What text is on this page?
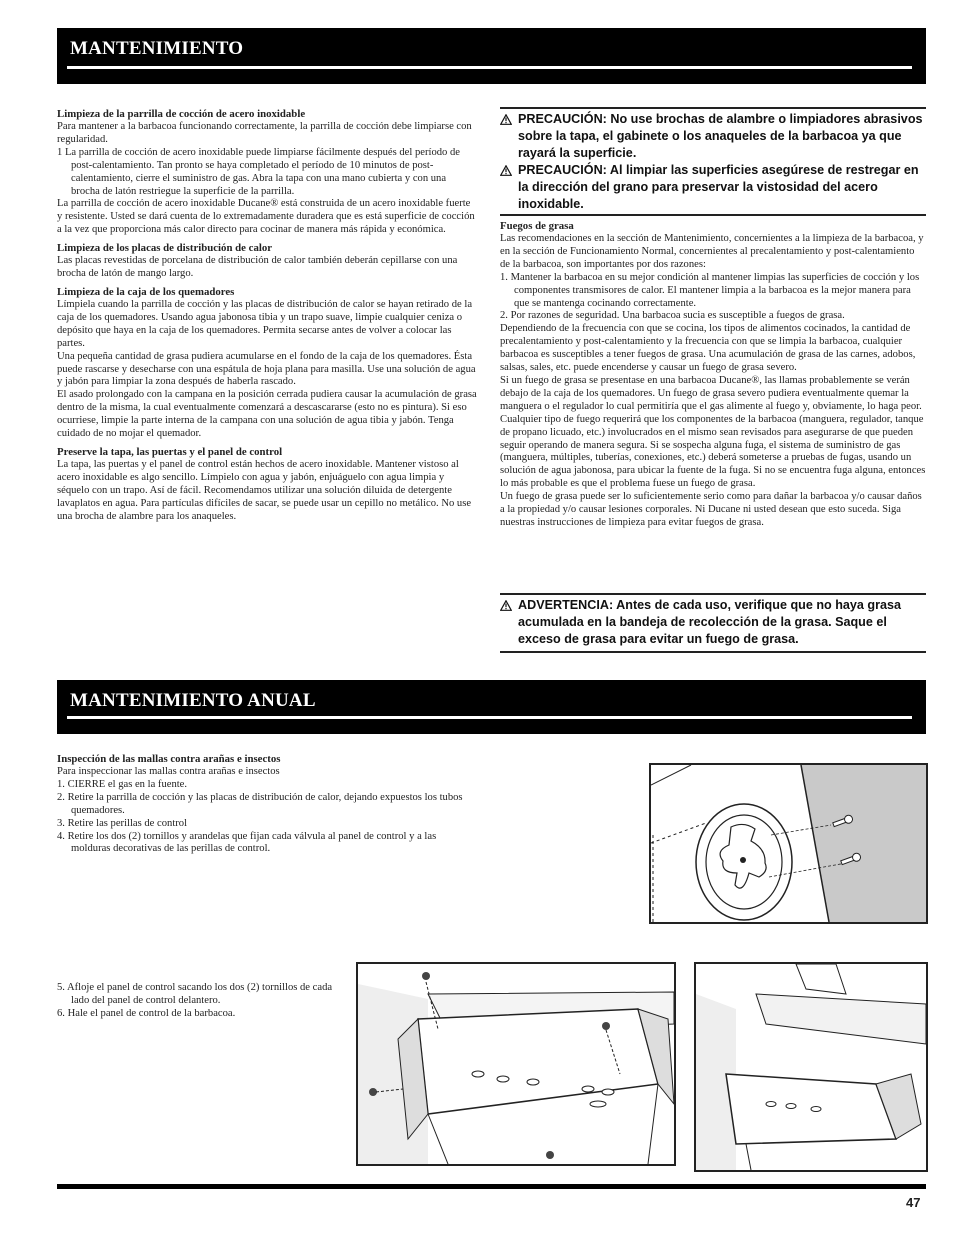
MANTENIMIENTO
Limpieza de la parrilla de cocción de acero inoxidable

Para mantener a la barbacoa funcionando correctamente, la parrilla de cocción debe limpiarse con regularidad.

1 La parrilla de cocción de acero inoxidable puede limpiarse fácilmente después del período de post-calentamiento. Tan pronto se haya completado el período de 10 minutos de post-calentamiento, cierre el suministro de gas. Abra la tapa con una mano cubierta y con una brocha de latón restriegue la superficie de la parrilla.

La parrilla de cocción de acero inoxidable Ducane® está construida de un acero inoxidable fuerte y resistente. Usted se dará cuenta de lo extremadamente duradera que es está superficie de cocción a la vez que proporciona más calor directo para cocinar de manera más rápida y económica.

Limpieza de los placas de distribución de calor

Las placas revestidas de porcelana de distribución de calor también deberán cepillarse con una brocha de latón de mango largo.

Limpieza de la caja de los quemadores

Límpiela cuando la parrilla de cocción y las placas de distribución de calor se hayan retirado de la caja de los quemadores. Usando agua jabonosa tibia y un trapo suave, limpie cualquier ceniza o depósito que haya en la caja de los quemadores. Permita secarse antes de volver a colocar las partes.

Una pequeña cantidad de grasa pudiera acumularse en el fondo de la caja de los quemadores. Ésta puede rascarse y desecharse con una espátula de hoja plana para masilla. Use una solución de agua y jabón para limpiar la zona después de haberla rascado.

El asado prolongado con la campana en la posición cerrada pudiera causar la acumulación de grasa dentro de la misma, la cual eventualmente comenzará a descascararse (esto no es pintura). Si eso ocurriese, limpie la parte interna de la campana con una solución de agua tibia y jabón. Tenga cuidado de no mojar el quemador.

Preserve la tapa, las puertas y el panel de control

La tapa, las puertas y el panel de control están hechos de acero inoxidable. Mantener vistoso al acero inoxidable es algo sencillo. Límpielo con agua y jabón, enjuáguelo con agua limpia y séquelo con un trapo. Así de fácil. Recomendamos utilizar una solución diluida de detergente lavaplatos en agua. Para partículas difíciles de sacar, se puede usar un cepillo no metálico. No use una brocha de alambre para los anaqueles.

PRECAUCIÓN: No use brochas de alambre o limpiadores abrasivos sobre la tapa, el gabinete o los anaqueles de la barbacoa ya que rayará la superficie.
PRECAUCIÓN: Al limpiar las superficies asegúrese de restregar en la dirección del grano para preservar la vistosidad del acero inoxidable.
Fuegos de grasa

Las recomendaciones en la sección de Mantenimiento, concernientes a la limpieza de la barbacoa, y en la sección de Funcionamiento Normal, concernientes al precalentamiento y post-calentamiento de la barbacoa, son importantes por dos razones:

1. Mantener la barbacoa en su mejor condición al mantener limpias las superficies de cocción y los componentes transmisores de calor. El mantener limpia a la barbacoa es la mejor manera para que se mantenga cocinando correctamente.

2. Por razones de seguridad. Una barbacoa sucia es susceptible a fuegos de grasa.

Dependiendo de la frecuencia con que se cocina, los tipos de alimentos cocinados, la cantidad de precalentamiento y post-calentamiento y la frecuencia con que se limpia la barbacoa, cualquier barbacoa es susceptibles a tener fuegos de grasa. Una acumulación de grasa de las carnes, adobos, salsas, sales, etc. puede encenderse y causar un fuego de grasa severo.

Si un fuego de grasa se presentase en una barbacoa Ducane®, las llamas probablemente se verán debajo de la caja de los quemadores. Un fuego de grasa severo pudiera eventualmente quemar la manguera o el regulador lo cual permitiría que el gas alimente al fuego y, obviamente, lo haga peor.

Cualquier tipo de fuego requerirá que los componentes de la barbacoa (manguera, regulador, tanque de propano licuado, etc.) involucrados en el mismo sean revisados para asegurarse de que pueden seguir operando de manera segura. Si se sospecha alguna fuga, el sistema de suministro de gas (manguera, múltiples, tuberías, conexiones, etc.) deberá someterse a pruebas de fugas, usando un solución de agua jabonosa, para ubicar la fuente de la fuga. Si no se encuentra fuga alguna, entonces lo más probable es que el problema fuese un fuego de grasa.

Un fuego de grasa puede ser lo suficientemente serio como para dañar la barbacoa y/o causar daños a la propiedad y/o causar lesiones corporales. Ni Ducane ni usted desean que esto suceda. Siga nuestras instrucciones de limpieza para evitar fuegos de grasa.

ADVERTENCIA: Antes de cada uso, verifique que no haya grasa acumulada en la bandeja de recolección de la grasa. Saque el exceso de grasa para evitar un fuego de grasa.
MANTENIMIENTO ANUAL
Inspección de las mallas contra arañas e insectos

Para inspeccionar las mallas contra arañas e insectos

1. CIERRE el gas en la fuente.

2. Retire la parrilla de cocción y las placas de distribución de calor, dejando expuestos los tubos quemadores.

3. Retire las perillas de control

4. Retire los dos (2) tornillos y arandelas que fijan cada válvula al panel de control y a las molduras decorativas de las perillas de control.

5. Afloje el panel de control sacando los dos (2) tornillos de cada lado del panel de control delantero.

6. Hale el panel de control de la barbacoa.

47
